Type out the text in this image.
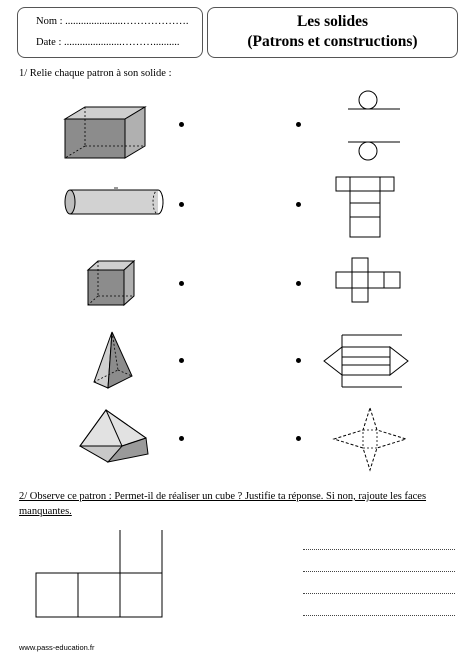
Nom : ......................……………….
Date : ......................………..........
Les solides
(Patrons et constructions)
1/ Relie chaque patron à son solide :
2/ Observe ce patron : Permet-il de réaliser un cube ? Justifie ta réponse. Si non, rajoute les faces
manquantes.
www.pass-education.fr
